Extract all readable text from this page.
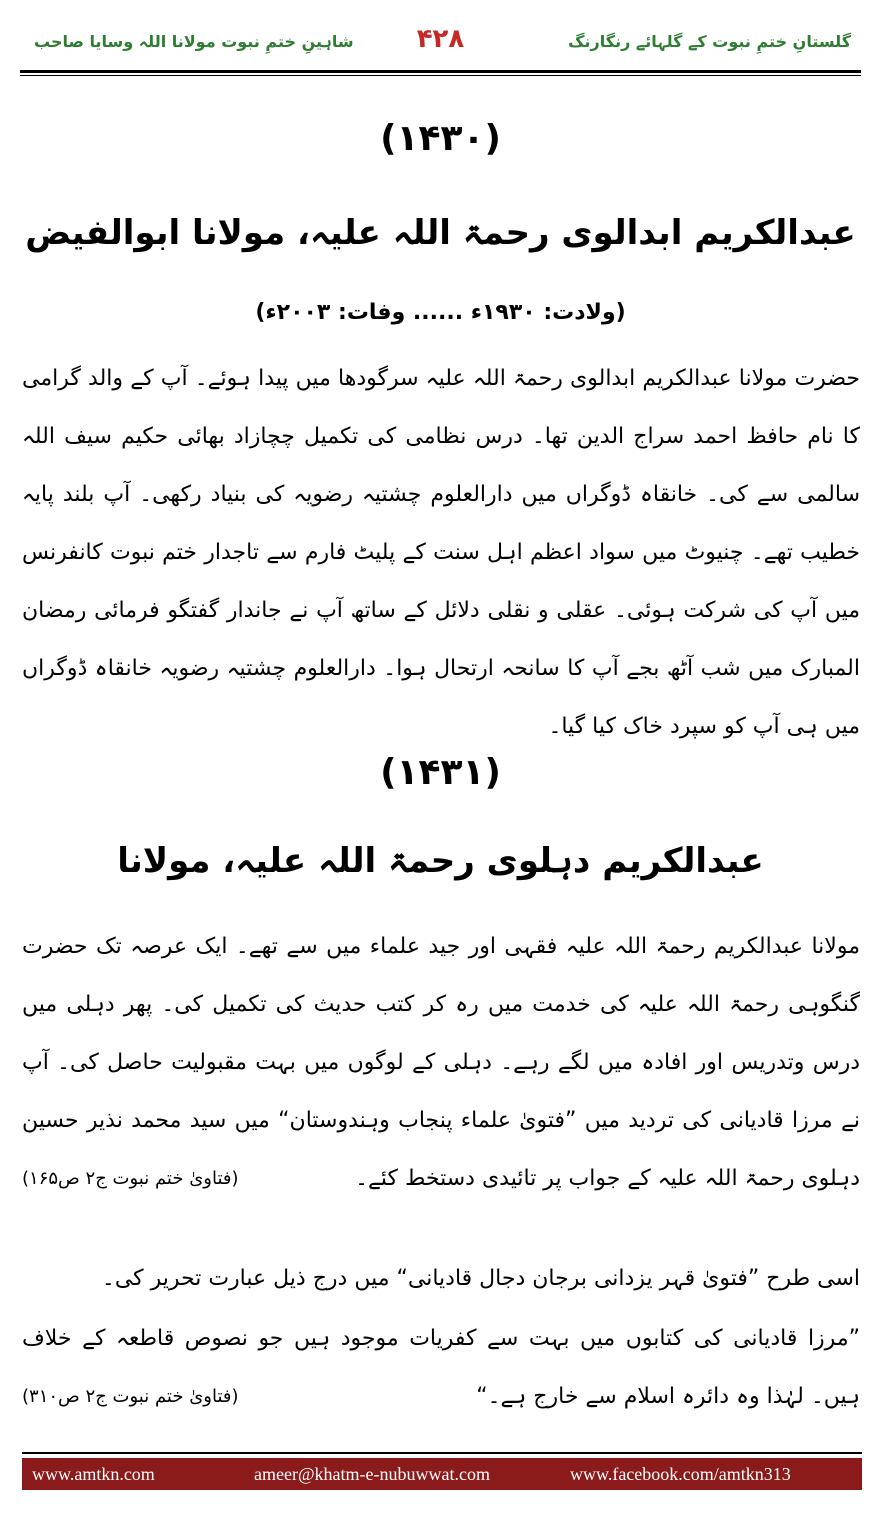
شاہینِ ختمِ نبوت مولانا اللہ وسایا صاحب	۴۲۸	گلستانِ ختمِ نبوت کے گلہائے رنگارنگ
(۱۴۳۰)
عبدالکریم ابدالوی رحمۃ اللہ علیہ، مولانا ابوالفیض
(ولادت: ۱۹۳۰ء ...... وفات: ۲۰۰۳ء)
حضرت مولانا عبدالکریم ابدالوی رحمۃ اللہ علیہ سرگودھا میں پیدا ہوئے۔ آپ کے والد گرامی کا نام حافظ احمد سراج الدین تھا۔ درس نظامی کی تکمیل چچازاد بھائی حکیم سیف اللہ سالمی سے کی۔ خانقاہ ڈوگراں میں دارالعلوم چشتیہ رضویہ کی بنیاد رکھی۔ آپ بلند پایہ خطیب تھے۔ چنیوٹ میں سواد اعظم اہل سنت کے پلیٹ فارم سے تاجدار ختم نبوت کانفرنس میں آپ کی شرکت ہوئی۔ عقلی و نقلی دلائل کے ساتھ آپ نے جاندار گفتگو فرمائی رمضان المبارک میں شب آٹھ بجے آپ کا سانحہ ارتحال ہوا۔ دارالعلوم چشتیہ رضویہ خانقاہ ڈوگراں میں ہی آپ کو سپرد خاک کیا گیا۔
(۱۴۳۱)
عبدالکریم دہلوی رحمۃ اللہ علیہ، مولانا
مولانا عبدالکریم رحمۃ اللہ علیہ فقہی اور جید علماء میں سے تھے۔ ایک عرصہ تک حضرت گنگوہی رحمۃ اللہ علیہ کی خدمت میں رہ کر کتب حدیث کی تکمیل کی۔ پھر دہلی میں درس وتدریس اور افادہ میں لگے رہے۔ دہلی کے لوگوں میں بہت مقبولیت حاصل کی۔ آپ نے مرزا قادیانی کی تردید میں ”فتویٰ علماء پنجاب وہندوستان“ میں سید محمد نذیر حسین دہلوی رحمۃ اللہ علیہ کے جواب پر تائیدی دستخط کئے۔
(فتاویٰ ختم نبوت ج۲ ص۱۶۵)
اسی طرح ”فتویٰ قہر یزدانی برجان دجال قادیانی“ میں درج ذیل عبارت تحریر کی۔
”مرزا قادیانی کی کتابوں میں بہت سے کفریات موجود ہیں جو نصوص قاطعہ کے خلاف ہیں۔ لہٰذا وہ دائرہ اسلام سے خارج ہے۔“
(فتاویٰ ختم نبوت ج۲ ص۳۱۰)
www.amtkn.com	ameer@khatm-e-nubuwwat.com	www.facebook.com/amtkn313
